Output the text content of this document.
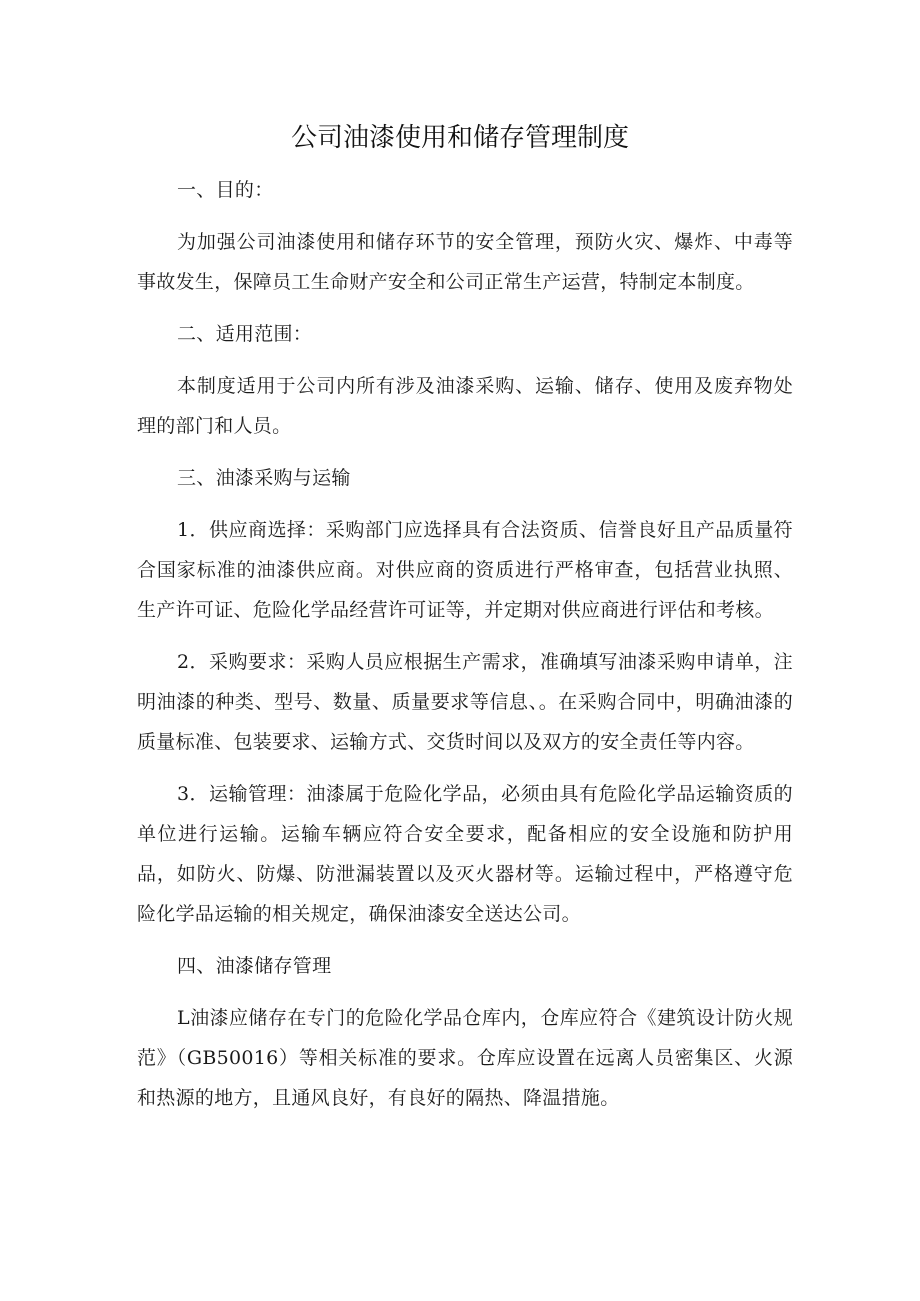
公司油漆使用和储存管理制度

一、目的：

为加强公司油漆使用和储存环节的安全管理，预防火灾、爆炸、中毒等事故发生，保障员工生命财产安全和公司正常生产运营，特制定本制度。

二、适用范围：

本制度适用于公司内所有涉及油漆采购、运输、储存、使用及废弃物处理的部门和人员。

三、油漆采购与运输

1．供应商选择：采购部门应选择具有合法资质、信誉良好且产品质量符合国家标准的油漆供应商。对供应商的资质进行严格审查，包括营业执照、生产许可证、危险化学品经营许可证等，并定期对供应商进行评估和考核。

2．采购要求：采购人员应根据生产需求，准确填写油漆采购申请单，注明油漆的种类、型号、数量、质量要求等信息、。在采购合同中，明确油漆的质量标准、包装要求、运输方式、交货时间以及双方的安全责任等内容。

3．运输管理：油漆属于危险化学品，必须由具有危险化学品运输资质的单位进行运输。运输车辆应符合安全要求，配备相应的安全设施和防护用品，如防火、防爆、防泄漏装置以及灭火器材等。运输过程中，严格遵守危险化学品运输的相关规定，确保油漆安全送达公司。

四、油漆储存管理

L油漆应储存在专门的危险化学品仓库内，仓库应符合《建筑设计防火规范》（GB50016）等相关标准的要求。仓库应设置在远离人员密集区、火源和热源的地方，且通风良好，有良好的隔热、降温措施。
